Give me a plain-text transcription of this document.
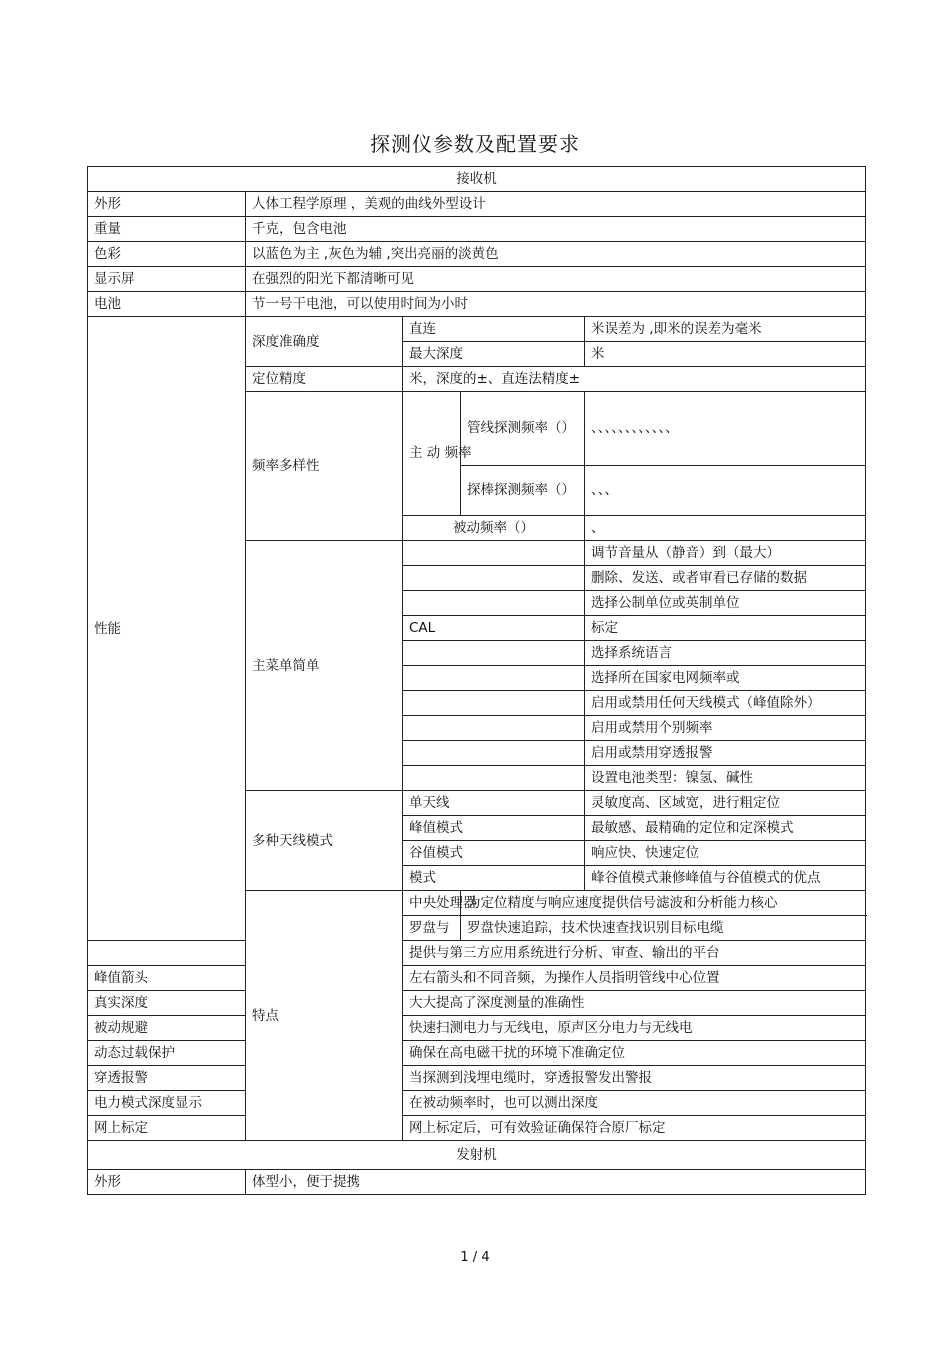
探测仪参数及配置要求
接收机				
外形	人体工程学原理 ，美观的曲线外型设计			
重量	千克，包含电池			
色彩	以蓝色为主 ,灰色为辅 ,突出亮丽的淡黄色			
显示屏	在强烈的阳光下都清晰可见			
电池	节一号干电池，可以使用时间为小时			
性能	深度准确度	直连		米误差为 ,即米的误差为毫米
		最大深度		米
	定位精度	米，深度的±、直连法精度±		
	频率多样性	主 动 频率	管线探测频率（）	、、、、、、、、、、、、
			探棒探测频率（）	、、、
		被动频率（）		、
	主菜单简单			调节音量从（静音）到（最大）
				删除、发送、或者审看已存储的数据
				选择公制单位或英制单位
		CAL		标定
				选择系统语言
				选择所在国家电网频率或
				启用或禁用任何天线模式（峰值除外）
				启用或禁用个别频率
				启用或禁用穿透报警
				设置电池类型：镍氢、碱性
	多种天线模式	单天线		灵敏度高、区域宽，进行粗定位
		峰值模式		最敏感、最精确的定位和定深模式
		谷值模式		响应快、快速定位
		模式		峰谷值模式兼修峰值与谷值模式的优点
	特点	中央处理器	为定位精度与响应速度提供信号滤波和分析能力核心	
		罗盘与	罗盘快速追踪，技术快速查找识别目标电缆	
		提供与第三方应用系统进行分析、审查、输出的平台		
峰值箭头		左右箭头和不同音频，为操作人员指明管线中心位置		
真实深度		大大提高了深度测量的准确性		
被动规避		快速扫测电力与无线电，原声区分电力与无线电		
动态过载保护		确保在高电磁干扰的环境下准确定位		
穿透报警		当探测到浅埋电缆时，穿透报警发出警报		
电力模式深度显示		在被动频率时，也可以测出深度		
网上标定		网上标定后，可有效验证确保符合原厂标定		
发射机				
外形	体型小，便于提携			
1 / 4
